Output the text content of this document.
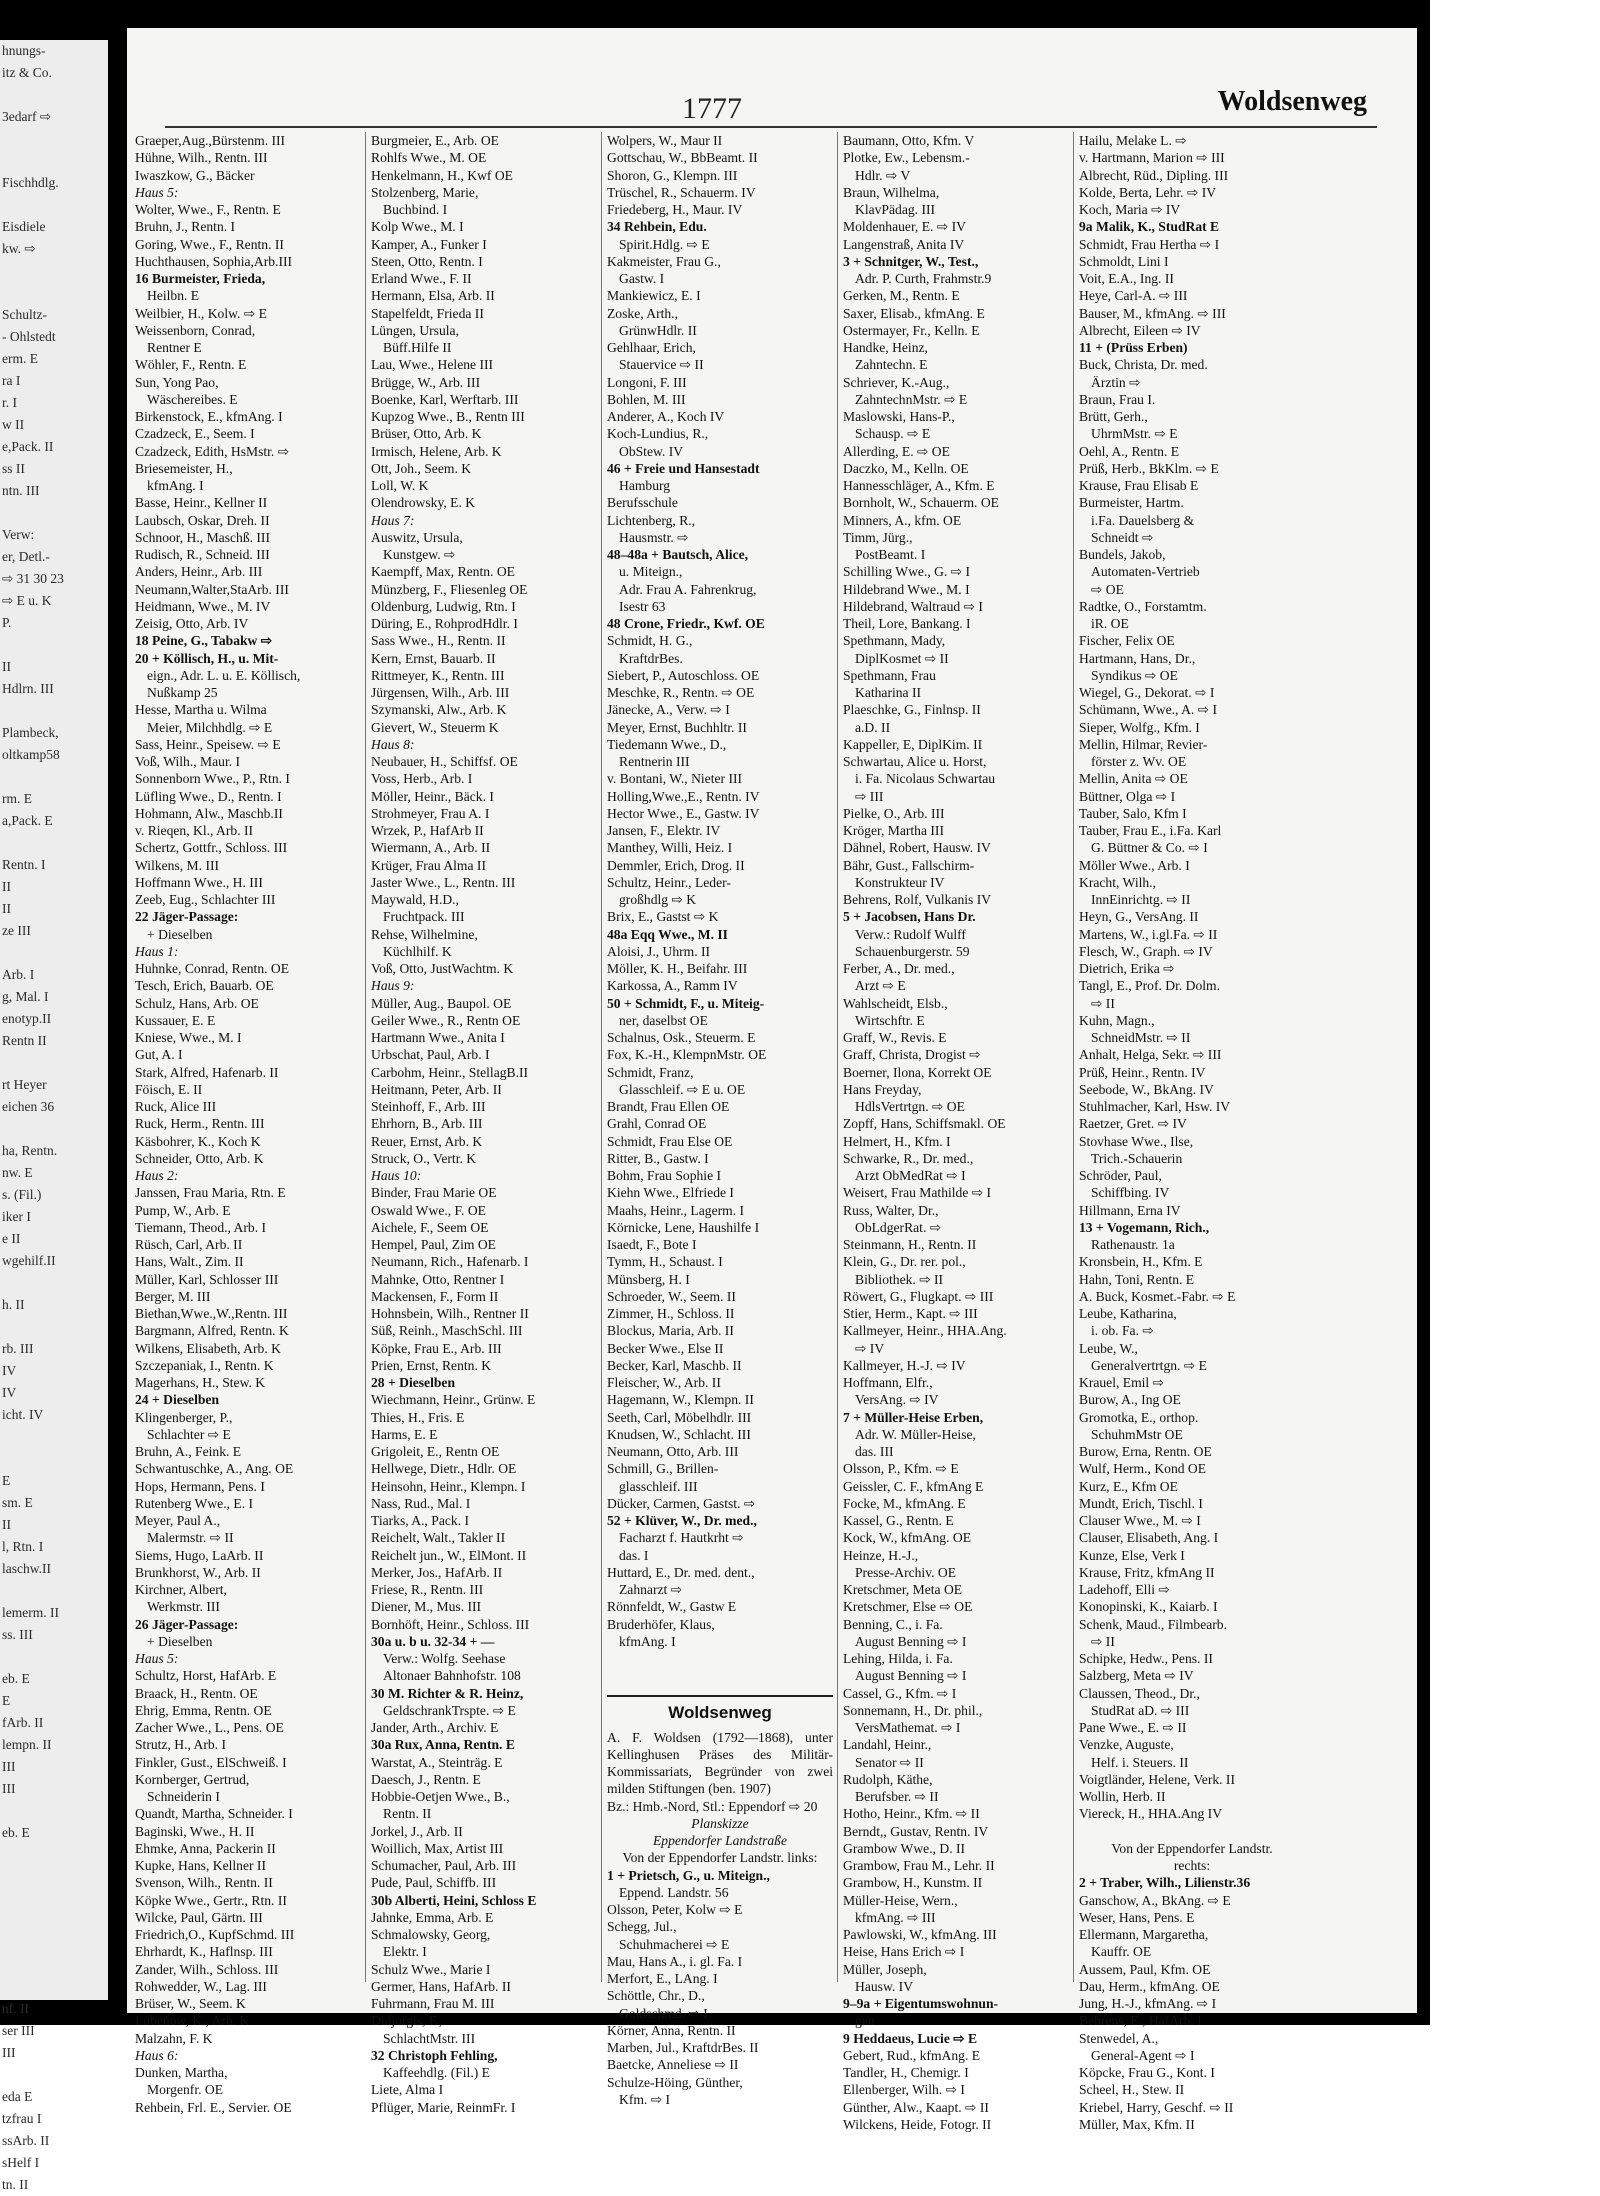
hnungs-
itz & Co.
3edarf ⇨
Fischhdlg.
Eisdiele
kw. ⇨
Schultz-
- Ohlstedt
erm. E
ra I
r. I
w II
e,Pack. II
ss II
ntn. III
Verw:
er, Detl.-
⇨ 31 30 23
⇨ E u. K
P.
II
Hdlrn. III
Plambeck,
oltkamp58
rm. E
a,Pack. E
Rentn. I
II
II
ze III
Arb. I
g, Mal. I
enotyp.II
Rentn II
rt Heyer
eichen 36
ha, Rentn.
nw. E
s. (Fil.)
iker I
e II
wgehilf.II
h. II
rb. III
IV
IV
icht. IV
E
sm. E
II
l, Rtn. I
laschw.II
lemerm. II
ss. III
eb. E
E
fArb. II
lempn. II
III
III
eb. E
nf. II
ser III
III
eda E
tzfrau I
ssArb. II
sHelf I
tn. II
1777	Woldsenweg
Graeper,Aug.,Bürstenm. III
Hühne, Wilh., Rentn. III
Iwaszkow, G., Bäcker
Haus 5:
Wolter, Wwe., F., Rentn. E
Bruhn, J., Rentn. I
Goring, Wwe., F., Rentn. II
Huchthausen, Sophia,Arb.III
16 Burmeister, Frieda,
Heilbn. E
Weilbier, H., Kolw. ⇨ E
Weissenborn, Conrad,
Rentner E
Wöhler, F., Rentn. E
Sun, Yong Pao,
Wäschereibes. E
Birkenstock, E., kfmAng. I
Czadzeck, E., Seem. I
Czadzeck, Edith, HsMstr. ⇨
Briesemeister, H.,
kfmAng. I
Basse, Heinr., Kellner II
Laubsch, Oskar, Dreh. II
Schnoor, H., Maschß. III
Rudisch, R., Schneid. III
Anders, Heinr., Arb. III
Neumann,Walter,StaArb. III
Heidmann, Wwe., M. IV
Zeisig, Otto, Arb. IV
18 Peine, G., Tabakw ⇨
20 + Köllisch, H., u. Mit-
eign., Adr. L. u. E. Köllisch,
Nußkamp 25
Hesse, Martha u. Wilma
Meier, Milchhdlg. ⇨ E
Sass, Heinr., Speisew. ⇨ E
Voß, Wilh., Maur. I
Sonnenborn Wwe., P., Rtn. I
Lüfling Wwe., D., Rentn. I
Hohmann, Alw., Maschb.II
v. Rieqen, Kl., Arb. II
Schertz, Gottfr., Schloss. III
Wilkens, M. III
Hoffmann Wwe., H. III
Zeeb, Eug., Schlachter III
22 Jäger-Passage:
+ Dieselben
Haus 1:
Huhnke, Conrad, Rentn. OE
Tesch, Erich, Bauarb. OE
Schulz, Hans, Arb. OE
Kussauer, E. E
Kniese, Wwe., M. I
Gut, A. I
Stark, Alfred, Hafenarb. II
Föisch, E. II
Ruck, Alice III
Ruck, Herm., Rentn. III
Käsbohrer, K., Koch K
Schneider, Otto, Arb. K
Haus 2:
Janssen, Frau Maria, Rtn. E
Pump, W., Arb. E
Tiemann, Theod., Arb. I
Rüsch, Carl, Arb. II
Hans, Walt., Zim. II
Müller, Karl, Schlosser III
Berger, M. III
Biethan,Wwe.,W.,Rentn. III
Bargmann, Alfred, Rentn. K
Wilkens, Elisabeth, Arb. K
Szczepaniak, I., Rentn. K
Magerhans, H., Stew. K
24 + Dieselben
Klingenberger, P.,
Schlachter ⇨ E
Bruhn, A., Feink. E
Schwantuschke, A., Ang. OE
Hops, Hermann, Pens. I
Rutenberg Wwe., E. I
Meyer, Paul A.,
Malermstr. ⇨ II
Siems, Hugo, LaArb. II
Brunkhorst, W., Arb. II
Kirchner, Albert,
Werkmstr. III
26 Jäger-Passage:
+ Dieselben
Haus 5:
Schultz, Horst, HafArb. E
Braack, H., Rentn. OE
Ehrig, Emma, Rentn. OE
Zacher Wwe., L., Pens. OE
Strutz, H., Arb. I
Finkler, Gust., ElSchweiß. I
Kornberger, Gertrud,
Schneiderin I
Quandt, Martha, Schneider. I
Baginski, Wwe., H. II
Ehmke, Anna, Packerin II
Kupke, Hans, Kellner II
Svenson, Wilh., Rentn. II
Köpke Wwe., Gertr., Rtn. II
Wilcke, Paul, Gärtn. III
Friedrich,O., KupfSchmd. III
Ehrhardt, K., Haflnsp. III
Zander, Wilh., Schloss. III
Rohwedder, W., Lag. III
Brüser, W., Seem. K
Lubenow, K., Arb. K
Malzahn, F. K
Haus 6:
Dunken, Martha,
Morgenfr. OE
Rehbein, Frl. E., Servier. OE
Burgmeier, E., Arb. OE
Rohlfs Wwe., M. OE
Henkelmann, H., Kwf OE
Stolzenberg, Marie,
Buchbind. I
Kolp Wwe., M. I
Kamper, A., Funker I
Steen, Otto, Rentn. I
Erland Wwe., F. II
Hermann, Elsa, Arb. II
Stapelfeldt, Frieda II
Lüngen, Ursula,
Büff.Hilfe II
Lau, Wwe., Helene III
Brügge, W., Arb. III
Boenke, Karl, Werftarb. III
Kupzog Wwe., B., Rentn III
Brüser, Otto, Arb. K
Irmisch, Helene, Arb. K
Ott, Joh., Seem. K
Loll, W. K
Olendrowsky, E. K
Haus 7:
Auswitz, Ursula,
Kunstgew. ⇨
Kaempff, Max, Rentn. OE
Münzberg, F., Fliesenleg OE
Oldenburg, Ludwig, Rtn. I
Düring, E., RohprodHdlr. I
Sass Wwe., H., Rentn. II
Kern, Ernst, Bauarb. II
Rittmeyer, K., Rentn. III
Jürgensen, Wilh., Arb. III
Szymanski, Alw., Arb. K
Gievert, W., Steuerm K
Haus 8:
Neubauer, H., Schiffsf. OE
Voss, Herb., Arb. I
Möller, Heinr., Bäck. I
Strohmeyer, Frau A. I
Wrzek, P., HafArb II
Wiermann, A., Arb. II
Krüger, Frau Alma II
Jaster Wwe., L., Rentn. III
Maywald, H.D.,
Fruchtpack. III
Rehse, Wilhelmine,
Küchlhilf. K
Voß, Otto, JustWachtm. K
Haus 9:
Müller, Aug., Baupol. OE
Geiler Wwe., R., Rentn OE
Hartmann Wwe., Anita I
Urbschat, Paul, Arb. I
Carbohm, Heinr., StellagB.II
Heitmann, Peter, Arb. II
Steinhoff, F., Arb. III
Ehrhorn, B., Arb. III
Reuer, Ernst, Arb. K
Struck, O., Vertr. K
Haus 10:
Binder, Frau Marie OE
Oswald Wwe., F. OE
Aichele, F., Seem OE
Hempel, Paul, Zim OE
Neumann, Rich., Hafenarb. I
Mahnke, Otto, Rentner I
Mackensen, F., Form II
Hohnsbein, Wilh., Rentner II
Süß, Reinh., MaschSchl. III
Köpke, Frau E., Arb. III
Prien, Ernst, Rentn. K
28 + Dieselben
Wiechmann, Heinr., Grünw. E
Thies, H., Fris. E
Harms, E. E
Grigoleit, E., Rentn OE
Hellwege, Dietr., Hdlr. OE
Heinsohn, Heinr., Klempn. I
Nass, Rud., Mal. I
Tiarks, A., Pack. I
Reichelt, Walt., Takler II
Reichelt jun., W., ElMont. II
Merker, Jos., HafArb. II
Friese, R., Rentn. III
Diener, M., Mus. III
Bornhöft, Heinr., Schloss. III
30a u. b u. 32-34 + —
Verw.: Wolfg. Seehase
Altonaer Bahnhofstr. 108
30 M. Richter & R. Heinz,
GeldschrankTrsptе. ⇨ E
Jander, Arth., Archiv. E
30a Rux, Anna, Rentn. E
Warstat, A., Steinträg. E
Daesch, J., Rentn. E
Hobbie-Oetjen Wwe., B.,
Rentn. II
Jorkel, J., Arb. II
Woillich, Max, Artist III
Schumacher, Paul, Arb. III
Pude, Paul, Schiffb. III
30b Alberti, Heini, Schloss E
Jahnke, Emma, Arb. E
Schmalowsky, Georg,
Elektr. I
Schulz Wwe., Marie I
Germer, Hans, HafArb. II
Fuhrmann, Frau M. III
Didjurgis, F.,
SchlachtMstr. III
32 Christoph Fehling,
Kaffeehdlg. (Fil.) E
Liete, Alma I
Pflüger, Marie, ReinmFr. I
Wolpers, W., Maur II
Gottschau, W., BbBeamt. II
Shoron, G., Klempn. III
Trüschel, R., Schauerm. IV
Friedeberg, H., Maur. IV
34 Rehbein, Edu.
Spirit.Hdlg. ⇨ E
Kakmeister, Frau G.,
Gastw. I
Mankiewicz, E. I
Zoske, Arth.,
GrünwHdlr. II
Gehlhaar, Erich,
Stauervice ⇨ II
Longoni, F. III
Bohlen, M. III
Anderer, A., Koch IV
Koch-Lundius, R.,
ObStew. IV
46 + Freie und Hansestadt
Hamburg
Berufsschule
Lichtenberg, R.,
Hausmstr. ⇨
48–48a + Bautsch, Alice,
u. Miteign.,
Adr. Frau A. Fahrenkrug,
Isestr 63
48 Crone, Friedr., Kwf. OE
Schmidt, H. G.,
KraftdrBes.
Siebert, P., Autoschloss. OE
Meschke, R., Rentn. ⇨ OE
Jänecke, A., Verw. ⇨ I
Meyer, Ernst, Buchhltr. II
Tiedemann Wwe., D.,
Rentnerin III
v. Bontani, W., Nieter III
Holling,Wwe.,E., Rentn. IV
Hector Wwe., E., Gastw. IV
Jansen, F., Elektr. IV
Manthey, Willi, Heiz. I
Demmler, Erich, Drog. II
Schultz, Heinr., Leder-
großhdlg ⇨ K
Brix, E., Gastst ⇨ K
48a Eqq Wwe., M. II
Aloisi, J., Uhrm. II
Möller, K. H., Beifahr. III
Karkossa, A., Ramm IV
50 + Schmidt, F., u. Miteig-
ner, daselbst OE
Schalnus, Osk., Steuerm. E
Fox, K.-H., KlempnMstr. OE
Schmidt, Franz,
Glasschleif. ⇨ E u. OE
Brandt, Frau Ellen OE
Grahl, Conrad OE
Schmidt, Frau Else OE
Ritter, B., Gastw. I
Bohm, Frau Sophie I
Kiehn Wwe., Elfriede I
Maahs, Heinr., Lagerm. I
Körnicke, Lene, Haushilfe I
Isaedt, F., Bote I
Tymm, H., Schaust. I
Münsberg, H. I
Schroeder, W., Seem. II
Zimmer, H., Schloss. II
Blockus, Maria, Arb. II
Becker Wwe., Else II
Becker, Karl, Maschb. II
Fleischer, W., Arb. II
Hagemann, W., Klempn. II
Seeth, Carl, Möbelhdlr. III
Knudsen, W., Schlacht. III
Neumann, Otto, Arb. III
Schmill, G., Brillen-
glasschleif. III
Dücker, Carmen, Gastst. ⇨
52 + Klüver, W., Dr. med.,
Facharzt f. Hautkrht ⇨
das. I
Huttard, E., Dr. med. dent.,
Zahnarzt ⇨
Rönnfeldt, W., Gastw E
Bruderhöfer, Klaus,
kfmAng. I
Woldsenweg
A. F. Woldsen (1792—1868), unter Kellinghusen Präses des Militär-Kommissariats, Begründer von zwei milden Stiftungen (ben. 1907)
Bz.: Hmb.-Nord, Stl.: Eppendorf ⇨ 20
Planskizze
Eppendorfer Landstraße
Von der Eppendorfer Landstr. links:
1 + Prietsch, G., u. Miteign.,
Eppend. Landstr. 56
Olsson, Peter, Kolw ⇨ E
Schegg, Jul.,
Schuhmacherei ⇨ E
Mau, Hans A., i. gl. Fa. I
Merfort, E., LAng. I
Schöttle, Chr., D.,
Goldschmd. ⇨ I
Körner, Anna, Rentn. II
Marben, Jul., KraftdrBes. II
Baetcke, Anneliese ⇨ II
Schulze-Höing, Günther,
Kfm. ⇨ I
Baumann, Otto, Kfm. V
Plotke, Ew., Lebensm.-
Hdlr. ⇨ V
Braun, Wilhelma,
KlavPädag. III
Moldenhauer, E. ⇨ IV
Langenstraß, Anita IV
3 + Schnitger, W., Test.,
Adr. P. Curth, Frahmstr.9
Gerken, M., Rentn. E
Saxer, Elisab., kfmAng. E
Ostermayer, Fr., Kelln. E
Handke, Heinz,
Zahntechn. E
Schriever, K.-Aug.,
ZahntechnMstr. ⇨ E
Maslowski, Hans-P.,
Schausp. ⇨ E
Allerding, E. ⇨ OE
Daczko, M., Kelln. OE
Hannesschläger, A., Kfm. E
Bornholt, W., Schauerm. OE
Minners, A., kfm. OE
Timm, Jürg.,
PostBeamt. I
Schilling Wwe., G. ⇨ I
Hildebrand Wwe., M. I
Hildebrand, Waltraud ⇨ I
Theil, Lore, Bankang. I
Spethmann, Mady,
DiplKosmet ⇨ II
Spethmann, Frau
Katharina II
Plaeschke, G., Finlnsp. II
a.D. II
Kappeller, E, DiplKim. II
Schwartau, Alice u. Horst,
i. Fa. Nicolaus Schwartau
⇨ III
Pielke, O., Arb. III
Kröger, Martha III
Dähnel, Robert, Hausw. IV
Bähr, Gust., Fallschirm-
Konstrukteur IV
Behrens, Rolf, Vulkanis IV
5 + Jacobsen, Hans Dr.
Verw.: Rudolf Wulff
Schauenburgerstr. 59
Ferber, A., Dr. med.,
Arzt ⇨ E
Wahlscheidt, Elsb.,
Wirtschftr. E
Graff, W., Revis. E
Graff, Christa, Drogist ⇨
Boerner, Ilona, Korrekt OE
Hans Freyday,
HdlsVertrtgn. ⇨ OE
Zopff, Hans, Schiffsmakl. OE
Helmert, H., Kfm. I
Schwarke, R., Dr. med.,
Arzt ObMedRat ⇨ I
Weisert, Frau Mathilde ⇨ I
Russ, Walter, Dr.,
ObLdgerRat. ⇨
Steinmann, H., Rentn. II
Klein, G., Dr. rer. pol.,
Bibliothek. ⇨ II
Röwert, G., Flugkapt. ⇨ III
Stier, Herm., Kapt. ⇨ III
Kallmeyer, Heinr., HHA.Ang.
⇨ IV
Kallmeyer, H.-J. ⇨ IV
Hoffmann, Elfr.,
VersAng. ⇨ IV
7 + Müller-Heise Erben,
Adr. W. Müller-Heise,
das. III
Olsson, P., Kfm. ⇨ E
Geissler, C. F., kfmAng E
Focke, M., kfmAng. E
Kassel, G., Rentn. E
Kock, W., kfmAng. OE
Heinze, H.-J.,
Presse-Archiv. OE
Kretschmer, Meta OE
Kretschmer, Else ⇨ OE
Benning, C., i. Fa.
August Benning ⇨ I
Lehing, Hilda, i. Fa.
August Benning ⇨ I
Cassel, G., Kfm. ⇨ I
Sonnemann, H., Dr. phil.,
VersMathemat. ⇨ I
Landahl, Heinr.,
Senator ⇨ II
Rudolph, Käthe,
Berufsber. ⇨ II
Hotho, Heinr., Kfm. ⇨ II
Berndt,, Gustav, Rentn. IV
Grambow Wwe., D. II
Grambow, Frau M., Lehr. II
Grambow, H., Kunstm. II
Müller-Heise, Wern.,
kfmAng. ⇨ III
Pawlowski, W., kfmAng. III
Heise, Hans Erich ⇨ I
Müller, Joseph,
Hausw. IV
9–9a + Eigentumswohnun-
gen
9 Heddaeus, Lucie ⇨ E
Gebert, Rud., kfmAng. E
Tandler, H., Chemigr. I
Ellenberger, Wilh. ⇨ I
Günther, Alw., Kaapt. ⇨ II
Wilckens, Heide, Fotogr. II
Hailu, Melake L. ⇨
v. Hartmann, Marion ⇨ III
Albrecht, Rüd., Dipling. III
Kolde, Berta, Lehr. ⇨ IV
Koch, Maria ⇨ IV
9a Malik, K., StudRat E
Schmidt, Frau Hertha ⇨ I
Schmoldt, Lini I
Voit, E.A., Ing. II
Heye, Carl-A. ⇨ III
Bauser, M., kfmAng. ⇨ III
Albrecht, Eileen ⇨ IV
11 + (Prüss Erben)
Buck, Christa, Dr. med.
Ärztin ⇨
Braun, Frau I.
Brütt, Gerh.,
UhrmMstr. ⇨ E
Oehl, A., Rentn. E
Prüß, Herb., BkKlm. ⇨ E
Krause, Frau Elisab E
Burmeister, Hartm.
i.Fa. Dauelsberg &
Schneidt ⇨
Bundels, Jakob,
Automaten-Vertrieb
⇨ OE
Radtke, O., Forstamtm.
iR. OE
Fischer, Felix OE
Hartmann, Hans, Dr.,
Syndikus ⇨ OE
Wiegel, G., Dekorat. ⇨ I
Schümann, Wwe., A. ⇨ I
Sieper, Wolfg., Kfm. I
Mellin, Hilmar, Revier-
förster z. Wv. OE
Mellin, Anita ⇨ OE
Büttner, Olga ⇨ I
Tauber, Salo, Kfm I
Tauber, Frau E., i.Fa. Karl
G. Büttner & Co. ⇨ I
Möller Wwe., Arb. I
Kracht, Wilh.,
InnEinrichtg. ⇨ II
Heyn, G., VersAng. II
Martens, W., i.gl.Fa. ⇨ II
Flesch, W., Graph. ⇨ IV
Dietrich, Erika ⇨
Tangl, E., Prof. Dr. Dolm.
⇨ II
Kuhn, Magn.,
SchneidMstr. ⇨ II
Anhalt, Helga, Sekr. ⇨ III
Prüß, Heinr., Rentn. IV
Seebode, W., BkAng. IV
Stuhlmacher, Karl, Hsw. IV
Raetzer, Gret. ⇨ IV
Stovhase Wwe., Ilse,
Trich.-Schauerin
Schröder, Paul,
Schiffbing. IV
Hillmann, Erna IV
13 + Vogemann, Rich.,
Rathenaustr. 1a
Kronsbein, H., Kfm. E
Hahn, Toni, Rentn. E
A. Buck, Kosmet.-Fabr. ⇨ E
Leube, Katharina,
i. ob. Fa. ⇨
Leube, W.,
Generalvertrtgn. ⇨ E
Krauel, Emil ⇨
Burow, A., Ing OE
Gromotka, E., orthop.
SchuhmMstr OE
Burow, Erna, Rentn. OE
Wulf, Herm., Kond OE
Kurz, E., Kfm OE
Mundt, Erich, Tischl. I
Clauser Wwe., M. ⇨ I
Clauser, Elisabeth, Ang. I
Kunze, Else, Verk I
Krause, Fritz, kfmAng II
Ladehoff, Elli ⇨
Konopinski, K., Kaiarb. I
Schenk, Maud., Filmbearb.
⇨ II
Schipke, Hedw., Pens. II
Salzberg, Meta ⇨ IV
Claussen, Theod., Dr.,
StudRat aD. ⇨ III
Pane Wwe., E. ⇨ II
Venzke, Auguste,
Helf. i. Steuers. II
Voigtländer, Helene, Verk. II
Wollin, Herb. II
Viereck, H., HHA.Ang IV
Von der Eppendorfer Landstr.
rechts:
2 + Traber, Wilh., Lilienstr.36
Ganschow, A., BkAng. ⇨ E
Weser, Hans, Pens. E
Ellermann, Margaretha,
Kauffr. OE
Aussem, Paul, Kfm. OE
Dau, Herm., kfmAng. OE
Jung, H.-J., kfmAng. ⇨ I
Behrens, E., HafArb. I
Stenwedel, A.,
General-Agent ⇨ I
Köpcke, Frau G., Kont. I
Scheel, H., Stew. II
Kriebel, Harry, Geschf. ⇨ II
Müller, Max, Kfm. II
